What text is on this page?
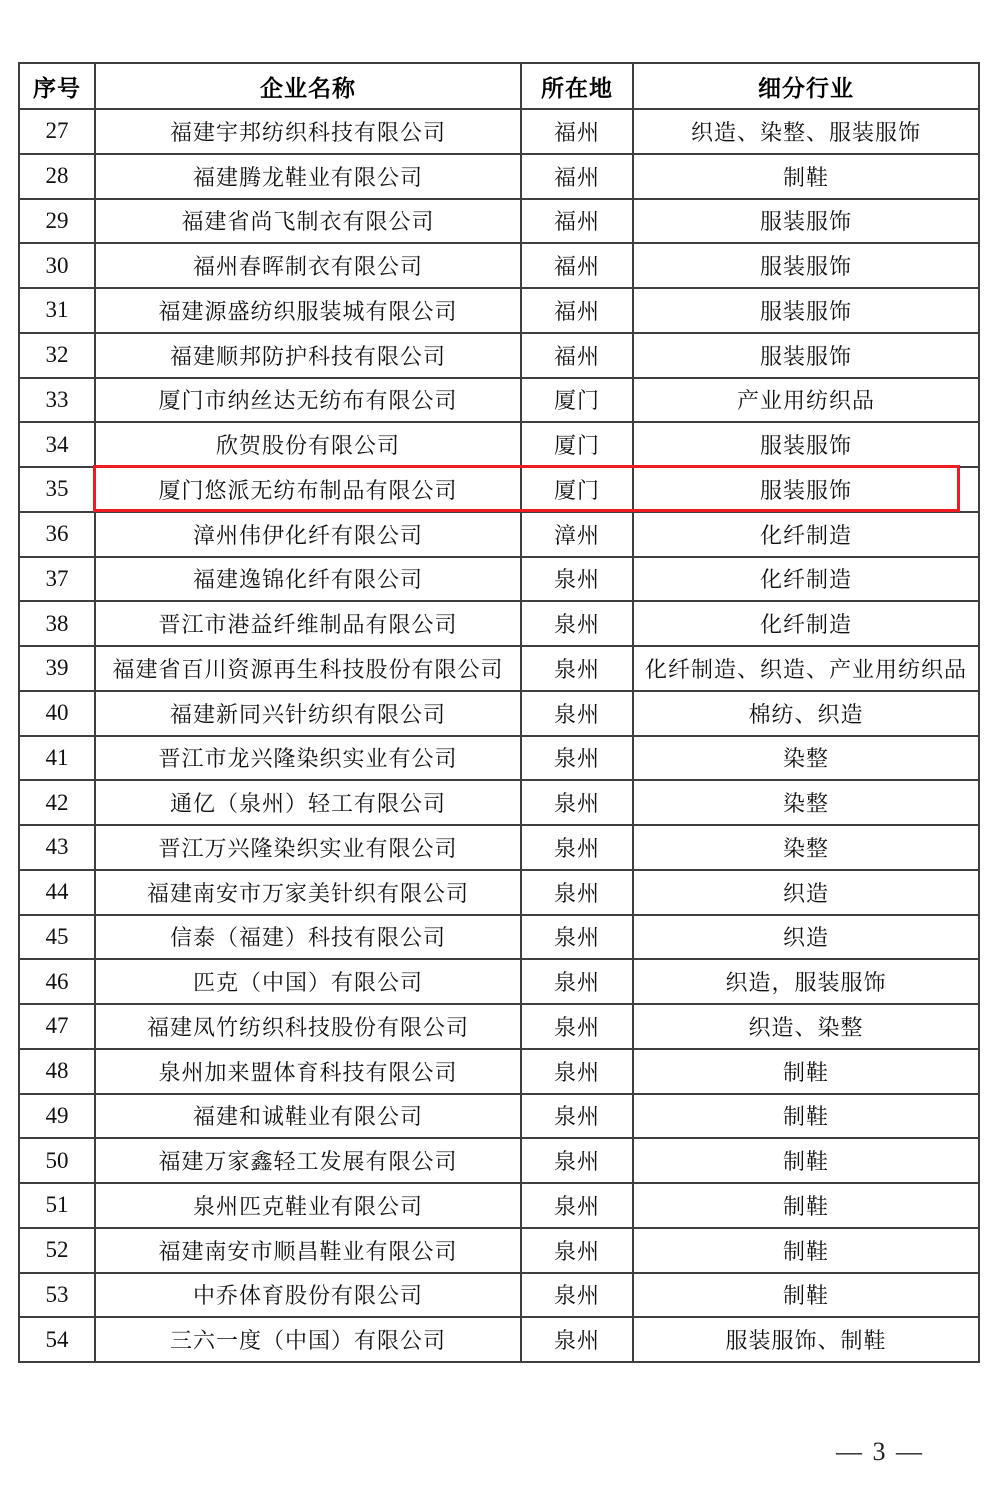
序号	企业名称	所在地	细分行业
27	福建宇邦纺织科技有限公司	福州	织造、染整、服装服饰
28	福建腾龙鞋业有限公司	福州	制鞋
29	福建省尚飞制衣有限公司	福州	服装服饰
30	福州春晖制衣有限公司	福州	服装服饰
31	福建源盛纺织服装城有限公司	福州	服装服饰
32	福建顺邦防护科技有限公司	福州	服装服饰
33	厦门市纳丝达无纺布有限公司	厦门	产业用纺织品
34	欣贺股份有限公司	厦门	服装服饰
35	厦门悠派无纺布制品有限公司	厦门	服装服饰
36	漳州伟伊化纤有限公司	漳州	化纤制造
37	福建逸锦化纤有限公司	泉州	化纤制造
38	晋江市港益纤维制品有限公司	泉州	化纤制造
39	福建省百川资源再生科技股份有限公司	泉州	化纤制造、织造、产业用纺织品
40	福建新同兴针纺织有限公司	泉州	棉纺、织造
41	晋江市龙兴隆染织实业有公司	泉州	染整
42	通亿（泉州）轻工有限公司	泉州	染整
43	晋江万兴隆染织实业有限公司	泉州	染整
44	福建南安市万家美针织有限公司	泉州	织造
45	信泰（福建）科技有限公司	泉州	织造
46	匹克（中国）有限公司	泉州	织造，服装服饰
47	福建凤竹纺织科技股份有限公司	泉州	织造、染整
48	泉州加来盟体育科技有限公司	泉州	制鞋
49	福建和诚鞋业有限公司	泉州	制鞋
50	福建万家鑫轻工发展有限公司	泉州	制鞋
51	泉州匹克鞋业有限公司	泉州	制鞋
52	福建南安市顺昌鞋业有限公司	泉州	制鞋
53	中乔体育股份有限公司	泉州	制鞋
54	三六一度（中国）有限公司	泉州	服装服饰、制鞋
— 3 —
